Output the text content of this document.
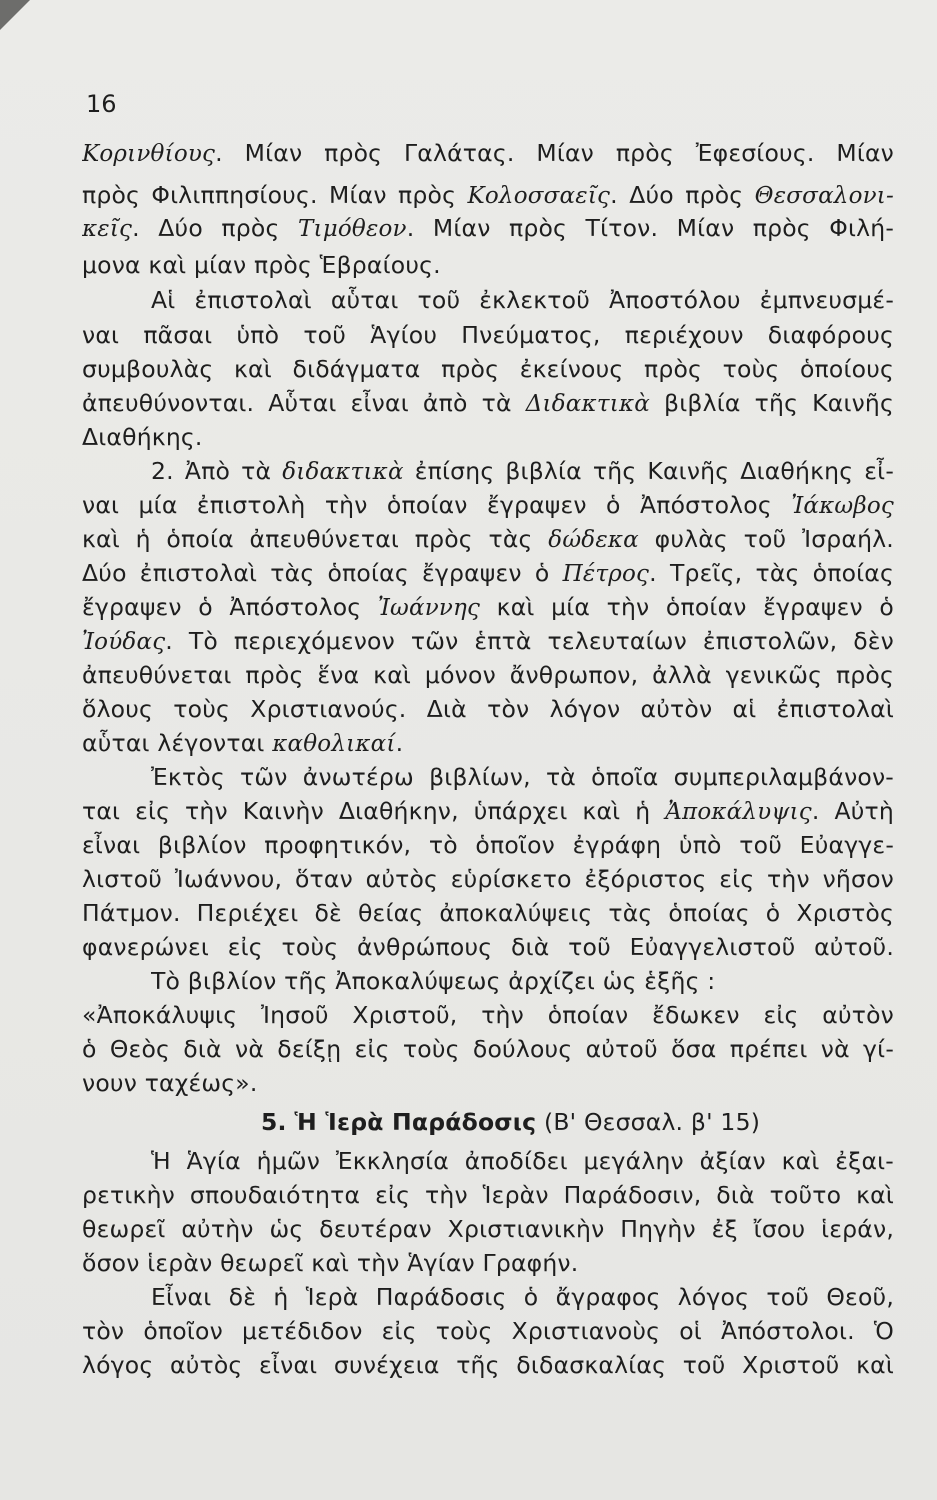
16
Κορινθίους. Μίαν πρὸς Γαλάτας. Μίαν πρὸς Ἐφεσίους. Μίαν
πρὸς Φιλιππησίους. Μίαν πρὸς Κολοσσαεῖς. Δύο πρὸς Θεσσαλονι-
κεῖς. Δύο πρὸς Τιμόθεον. Μίαν πρὸς Τίτον. Μίαν πρὸς Φιλή-
μονα καὶ μίαν πρὸς Ἑβραίους.
Αἱ ἐπιστολαὶ αὗται τοῦ ἐκλεκτοῦ Ἀποστόλου ἐμπνευσμέ-
ναι πᾶσαι ὑπὸ τοῦ Ἁγίου Πνεύματος, περιέχουν διαφόρους
συμβουλὰς καὶ διδάγματα πρὸς ἐκείνους πρὸς τοὺς ὁποίους
ἀπευθύνονται. Αὗται εἶναι ἀπὸ τὰ Διδακτικὰ βιβλία τῆς Καινῆς
Διαθήκης.
2. Ἀπὸ τὰ διδακτικὰ ἐπίσης βιβλία τῆς Καινῆς Διαθήκης εἶ-
ναι μία ἐπιστολὴ τὴν ὁποίαν ἔγραψεν ὁ Ἀπόστολος Ἰάκωβος
καὶ ἡ ὁποία ἀπευθύνεται πρὸς τὰς δώδεκα φυλὰς τοῦ Ἰσραήλ.
Δύο ἐπιστολαὶ τὰς ὁποίας ἔγραψεν ὁ Πέτρος. Τρεῖς, τὰς ὁποίας
ἔγραψεν ὁ Ἀπόστολος Ἰωάννης καὶ μία τὴν ὁποίαν ἔγραψεν ὁ
Ἰούδας. Τὸ περιεχόμενον τῶν ἑπτὰ τελευταίων ἐπιστολῶν, δὲν
ἀπευθύνεται πρὸς ἕνα καὶ μόνον ἄνθρωπον, ἀλλὰ γενικῶς πρὸς
ὅλους τοὺς Χριστιανούς. Διὰ τὸν λόγον αὐτὸν αἱ ἐπιστολαὶ
αὗται λέγονται καθολικαί.
Ἐκτὸς τῶν ἀνωτέρω βιβλίων, τὰ ὁποῖα συμπεριλαμβάνον-
ται εἰς τὴν Καινὴν Διαθήκην, ὑπάρχει καὶ ἡ Ἀποκάλυψις. Αὐτὴ
εἶναι βιβλίον προφητικόν, τὸ ὁποῖον ἐγράφη ὑπὸ τοῦ Εὐαγγε-
λιστοῦ Ἰωάννου, ὅταν αὐτὸς εὑρίσκετο ἐξόριστος εἰς τὴν νῆσον
Πάτμον. Περιέχει δὲ θείας ἀποκαλύψεις τὰς ὁποίας ὁ Χριστὸς
φανερώνει εἰς τοὺς ἀνθρώπους διὰ τοῦ Εὐαγγελιστοῦ αὐτοῦ.
Τὸ βιβλίον τῆς Ἀποκαλύψεως ἀρχίζει ὡς ἑξῆς :
«Ἀποκάλυψις Ἰησοῦ Χριστοῦ, τὴν ὁποίαν ἔδωκεν εἰς αὐτὸν
ὁ Θεὸς διὰ νὰ δείξῃ εἰς τοὺς δούλους αὐτοῦ ὅσα πρέπει νὰ γί-
νουν ταχέως».
5. Ἡ Ἱερὰ Παράδοσις (Β' Θεσσαλ. β' 15)
Ἡ Ἁγία ἡμῶν Ἐκκλησία ἀποδίδει μεγάλην ἀξίαν καὶ ἐξαι-
ρετικὴν σπουδαιότητα εἰς τὴν Ἱερὰν Παράδοσιν, διὰ τοῦτο καὶ
θεωρεῖ αὐτὴν ὡς δευτέραν Χριστιανικὴν Πηγὴν ἐξ ἴσου ἱεράν,
ὅσον ἱερὰν θεωρεῖ καὶ τὴν Ἁγίαν Γραφήν.
Εἶναι δὲ ἡ Ἱερὰ Παράδοσις ὁ ἄγραφος λόγος τοῦ Θεοῦ,
τὸν ὁποῖον μετέδιδον εἰς τοὺς Χριστιανοὺς οἱ Ἀπόστολοι. Ὁ
λόγος αὐτὸς εἶναι συνέχεια τῆς διδασκαλίας τοῦ Χριστοῦ καὶ
